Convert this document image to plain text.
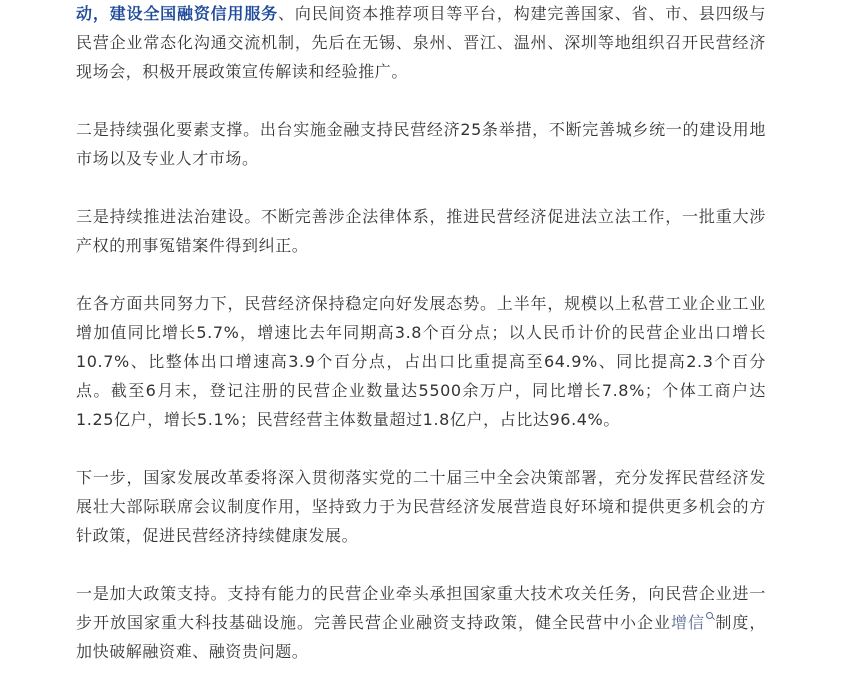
动，建设全国融资信用服务、向民间资本推荐项目等平台，构建完善国家、省、市、县四级与民营企业常态化沟通交流机制，先后在无锡、泉州、晋江、温州、深圳等地组织召开民营经济现场会，积极开展政策宣传解读和经验推广。

二是持续强化要素支撑。出台实施金融支持民营经济25条举措，不断完善城乡统一的建设用地市场以及专业人才市场。

三是持续推进法治建设。不断完善涉企法律体系，推进民营经济促进法立法工作，一批重大涉产权的刑事冤错案件得到纠正。

在各方面共同努力下，民营经济保持稳定向好发展态势。上半年，规模以上私营工业企业工业增加值同比增长5.7%，增速比去年同期高3.8个百分点；以人民币计价的民营企业出口增长10.7%、比整体出口增速高3.9个百分点，占出口比重提高至64.9%、同比提高2.3个百分点。截至6月末，登记注册的民营企业数量达5500余万户，同比增长7.8%；个体工商户达1.25亿户，增长5.1%；民营经营主体数量超过1.8亿户，占比达96.4%。

下一步，国家发展改革委将深入贯彻落实党的二十届三中全会决策部署，充分发挥民营经济发展壮大部际联席会议制度作用，坚持致力于为民营经济发展营造良好环境和提供更多机会的方针政策，促进民营经济持续健康发展。

一是加大政策支持。支持有能力的民营企业牵头承担国家重大技术攻关任务，向民营企业进一步开放国家重大科技基础设施。完善民营企业融资支持政策，健全民营中小企业增信 制度，加快破解融资难、融资贵问题。
